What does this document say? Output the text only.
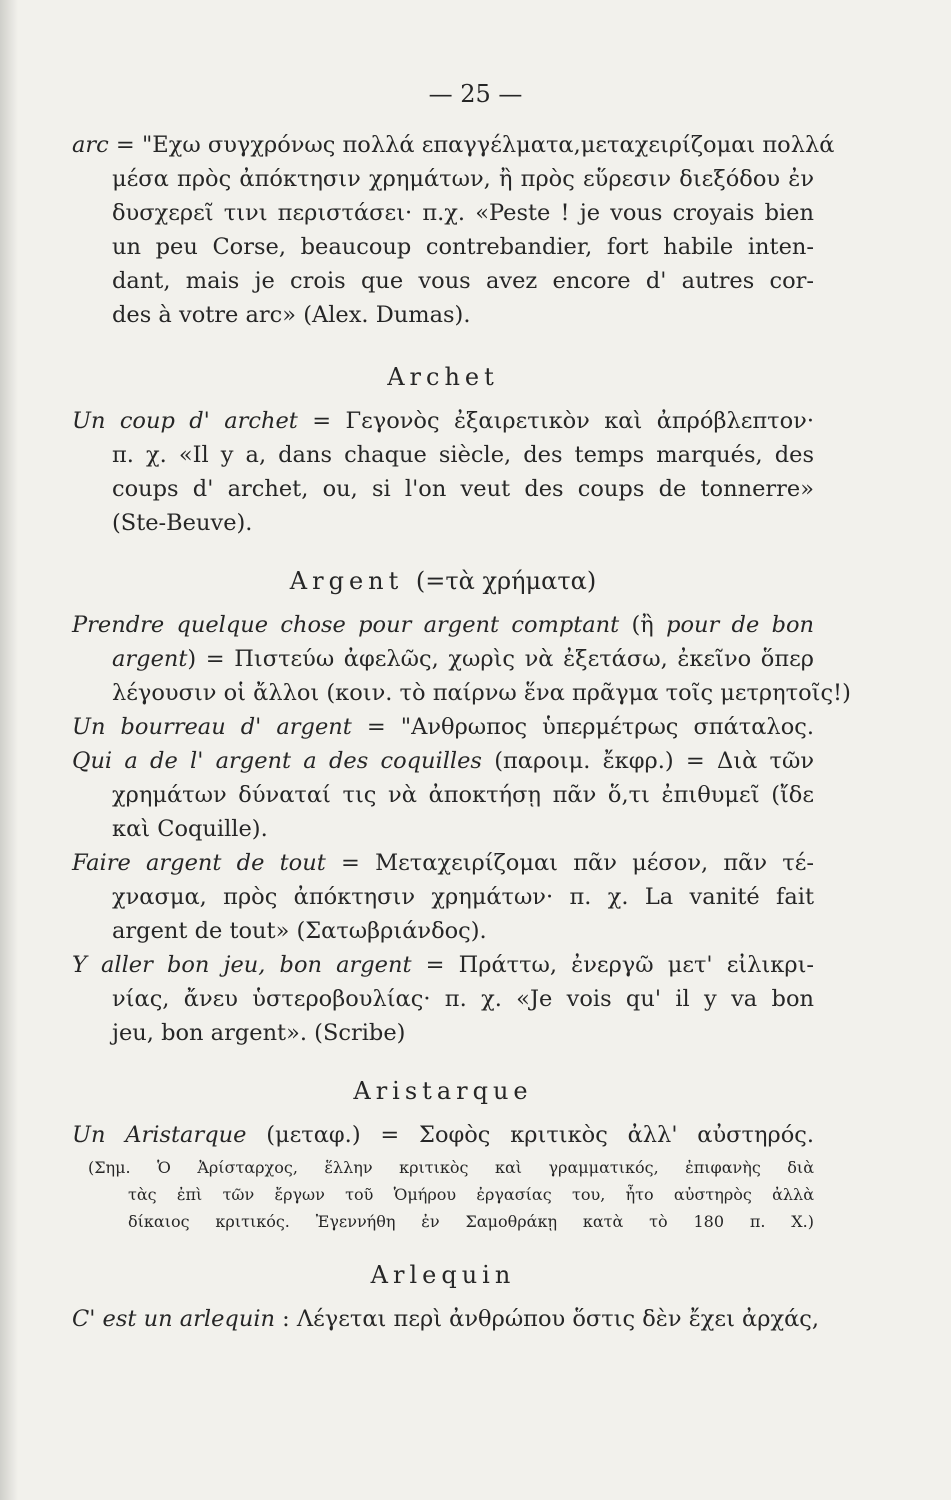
— 25 —
arc = "Εχω συγχρόνως πολλά επαγγέλματα,μεταχειρίζομαι πολλά
μέσα πρὸς ἀπόκτησιν χρημάτων, ἢ πρὸς εὕρεσιν διεξόδου ἐν
δυσχερεῖ τινι περιστάσει· π.χ. «Peste ! je vous croyais bien
un peu Corse, beaucoup contrebandier, fort habile inten-
dant, mais je crois que vous avez encore d' autres cor-
des à votre arc» (Alex. Dumas).
Archet
Un coup d' archet = Γεγονὸς ἐξαιρετικὸν καὶ ἀπρόβλεπτον·
π. χ. «Il y a, dans chaque siècle, des temps marqués, des
coups d' archet, ou, si l'on veut des coups de tonnerre»
(Ste-Beuve).
Argent (=τὰ χρήματα)
Prendre quelque chose pour argent comptant (ἢ pour de bon
argent) = Πιστεύω ἀφελῶς, χωρὶς νὰ ἐξετάσω, ἐκεῖνο ὅπερ
λέγουσιν οἱ ἄλλοι (κοιν. τὸ παίρνω ἕνα πρᾶγμα τοῖς μετρητοῖς!)
Un bourreau d' argent = "Ανθρωπος ὑπερμέτρως σπάταλος.
Qui a de l' argent a des coquilles (παροιμ. ἔκφρ.) = Διὰ τῶν
χρημάτων δύναταί τις νὰ ἀποκτήσῃ πᾶν ὅ,τι ἐπιθυμεῖ (ἴδε
καὶ Coquille).
Faire argent de tout = Μεταχειρίζομαι πᾶν μέσον, πᾶν τέ-
χνασμα, πρὸς ἀπόκτησιν χρημάτων· π. χ. La vanité fait
argent de tout» (Σατωβριάνδος).
Y aller bon jeu, bon argent = Πράττω, ἐνεργῶ μετ' εἰλικρι-
νίας, ἄνευ ὑστεροβουλίας· π. χ. «Je vois qu' il y va bon
jeu, bon argent». (Scribe)
Aristarque
Un Aristarque (μεταφ.) = Σοφὸς κριτικὸς ἀλλ' αὐστηρός.
(Σημ. Ὁ Ἀρίσταρχος, ἕλλην κριτικὸς καὶ γραμματικός, ἐπιφανὴς διὰ
τὰς ἐπὶ τῶν ἔργων τοῦ Ὁμήρου ἐργασίας του, ἦτο αὐστηρὸς ἀλλὰ
δίκαιος κριτικός. Ἐγεννήθη ἐν Σαμοθράκῃ κατὰ τὸ 180 π. Χ.)
Arlequin
C' est un arlequin : Λέγεται περὶ ἀνθρώπου ὅστις δὲν ἔχει ἀρχάς,
